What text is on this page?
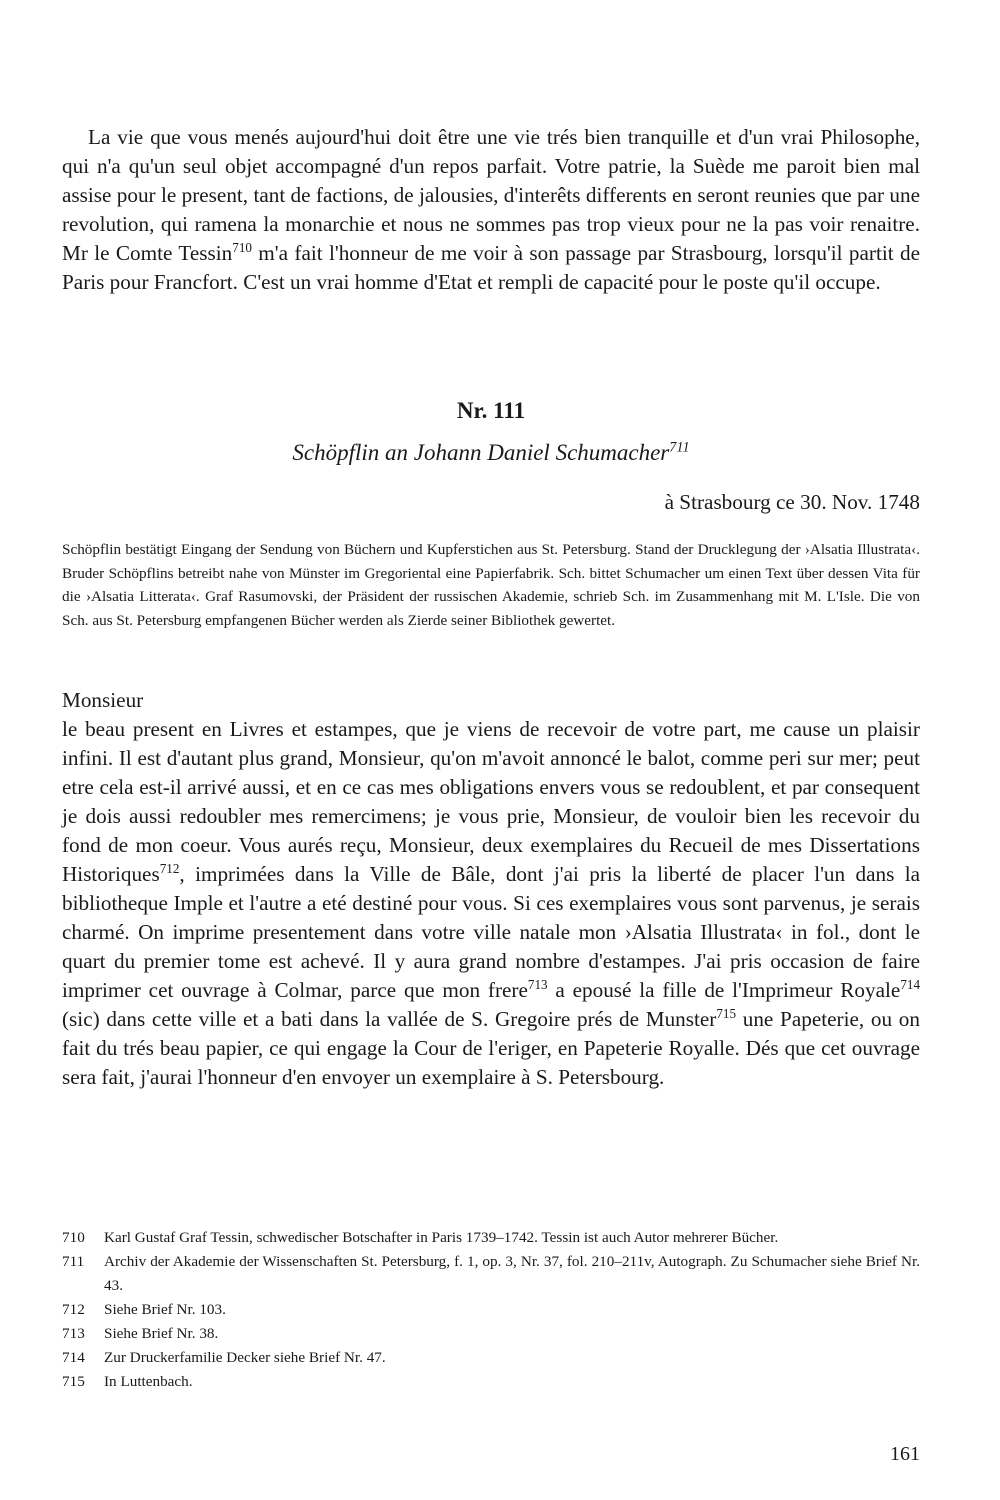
La vie que vous menés aujourd'hui doit être une vie trés bien tranquille et d'un vrai Philosophe, qui n'a qu'un seul objet accompagné d'un repos parfait. Votre patrie, la Suède me paroit bien mal assise pour le present, tant de factions, de jalousies, d'interêts differents en seront reunies que par une revolution, qui ramena la monarchie et nous ne sommes pas trop vieux pour ne la pas voir renaitre. Mr le Comte Tessin$^{710}$ m'a fait l'honneur de me voir à son passage par Strasbourg, lorsqu'il partit de Paris pour Francfort. C'est un vrai homme d'Etat et rempli de capacité pour le poste qu'il occupe.

Nr. 111
Schöpflin an Johann Daniel Schumacher$^{711}$
à Strasbourg ce 30. Nov. 1748

Schöpflin bestätigt Eingang der Sendung von Büchern und Kupferstichen aus St. Petersburg. Stand der Drucklegung der ›Alsatia Illustrata‹. Bruder Schöpflins betreibt nahe von Münster im Gregoriental eine Papierfabrik. Sch. bittet Schumacher um einen Text über dessen Vita für die ›Alsatia Litterata‹. Graf Rasumovski, der Präsident der russischen Akademie, schrieb Sch. im Zusammenhang mit M. L'Isle. Die von Sch. aus St. Petersburg empfangenen Bücher werden als Zierde seiner Bibliothek gewertet.

Monsieur

le beau present en Livres et estampes, que je viens de recevoir de votre part, me cause un plaisir infini. Il est d'autant plus grand, Monsieur, qu'on m'avoit annoncé le balot, comme peri sur mer; peut etre cela est-il arrivé aussi, et en ce cas mes obligations envers vous se redoublent, et par consequent je dois aussi redoubler mes remercimens; je vous prie, Monsieur, de vouloir bien les recevoir du fond de mon coeur. Vous aurés reçu, Monsieur, deux exemplaires du Recueil de mes Dissertations Historiques$^{712}$, imprimées dans la Ville de Bâle, dont j'ai pris la liberté de placer l'un dans la bibliotheque Imple et l'autre a eté destiné pour vous. Si ces exemplaires vous sont parvenus, je serais charmé. On imprime presentement dans votre ville natale mon ›Alsatia Illustrata‹ in fol., dont le quart du premier tome est achevé. Il y aura grand nombre d'estampes. J'ai pris occasion de faire imprimer cet ouvrage à Colmar, parce que mon frere$^{713}$ a epousé la fille de l'Imprimeur Royale$^{714}$ (sic) dans cette ville et a bati dans la vallée de S. Gregoire prés de Munster$^{715}$ une Papeterie, ou on fait du trés beau papier, ce qui engage la Cour de l'eriger, en Papeterie Royalle. Dés que cet ouvrage sera fait, j'aurai l'honneur d'en envoyer un exemplaire à S. Petersbourg.

710	Karl Gustaf Graf Tessin, schwedischer Botschafter in Paris 1739–1742. Tessin ist auch Autor mehrerer Bücher.
711	Archiv der Akademie der Wissenschaften St. Petersburg, f. 1, op. 3, Nr. 37, fol. 210–211v, Autograph. Zu Schumacher siehe Brief Nr. 43.
712	Siehe Brief Nr. 103.
713	Siehe Brief Nr. 38.
714	Zur Druckerfamilie Decker siehe Brief Nr. 47.
715	In Luttenbach.
161
